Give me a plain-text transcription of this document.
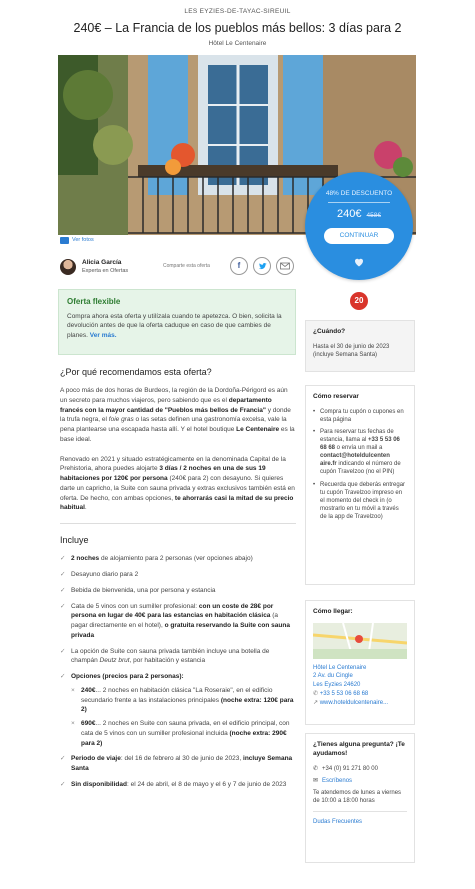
LES EYZIES-DE-TAYAC-SIREUIL
240€ – La Francia de los pueblos más bellos: 3 días para 2
Hôtel Le Centenaire
48% DE DESCUENTO
240€ 458€
CONTINUAR
Ver fotos
Alicia García
Experta en Ofertas
Comparte esta oferta	f
20
Oferta flexible
Compra ahora esta oferta y utilízala cuando te apetezca. O bien, solicita la devolución antes de que la oferta caduque en caso de que cambies de planes. Ver más.
¿Por qué recomendamos esta oferta?

A poco más de dos horas de Burdeos, la región de la Dordoña-Périgord es aún un secreto para muchos viajeros, pero sabiendo que es el departamento francés con la mayor cantidad de "Pueblos más bellos de Francia" y donde la trufa negra, el foie gras o las setas definen una gastronomía excelsa, vale la pena plantearse una escapada hasta allí. Y el hotel boutique Le Centenaire es la base ideal.

Renovado en 2021 y situado estratégicamente en la denominada Capital de la Prehistoria, ahora puedes alojarte 3 días / 2 noches en una de sus 19 habitaciones por 120€ por persona (240€ para 2) con desayuno. Si quieres darte un capricho, la Suite con sauna privada y extras exclusivos también está en oferta. De hecho, con ambas opciones, te ahorrarás casi la mitad de su precio habitual.

Incluye
✓ 2 noches de alojamiento para 2 personas (ver opciones abajo)
✓ Desayuno diario para 2
✓ Bebida de bienvenida, una por persona y estancia
✓ Cata de 5 vinos con un sumiller profesional: con un coste de 28€ por persona en lugar de 40€ para las estancias en habitación clásica (a pagar directamente en el hotel), o gratuita reservando la Suite con sauna privada
✓ La opción de Suite con sauna privada también incluye una botella de champán Deutz brut, por habitación y estancia
✓ Opciones (precios para 2 personas):
× 240€... 2 noches en habitación clásica "La Roseraie", en el edificio secundario frente a las instalaciones principales (noche extra: 120€ para 2)
× 690€... 2 noches en Suite con sauna privada, en el edificio principal, con cata de 5 vinos con un sumiller profesional incluida (noche extra: 290€ para 2)
✓ Periodo de viaje: del 16 de febrero al 30 de junio de 2023, incluye Semana Santa
✓ Sin disponibilidad: el 24 de abril, el 8 de mayo y el 6 y 7 de junio de 2023
¿Cuándo?
Hasta el 30 de junio de 2023 (incluye Semana Santa)
Cómo reservar
• Compra tu cupón o cupones en esta página
• Para reservar tus fechas de estancia, llama al +33 5 53 06 68 68 o envía un mail a contact@hoteldulcenten aire.fr indicando el número de cupón Travelzoo (no el PIN)
• Recuerda que deberás entregar tu cupón Travelzoo impreso en el momento del check in (o mostrarlo en tu móvil a través de la app de Travelzoo)
Cómo llegar:
Hôtel Le Centenaire
2 Av. du Cingle
Les Eyzies 24620
✆ +33 5 53 06 68 68
↗ www.hoteldulcentenaire...
¿Tienes alguna pregunta? ¡Te ayudamos!
✆ +34 (0) 91 271 80 00
✉ Escríbenos
Te atendemos de lunes a viernes de 10:00 a 18:00 horas
Dudas Frecuentes
